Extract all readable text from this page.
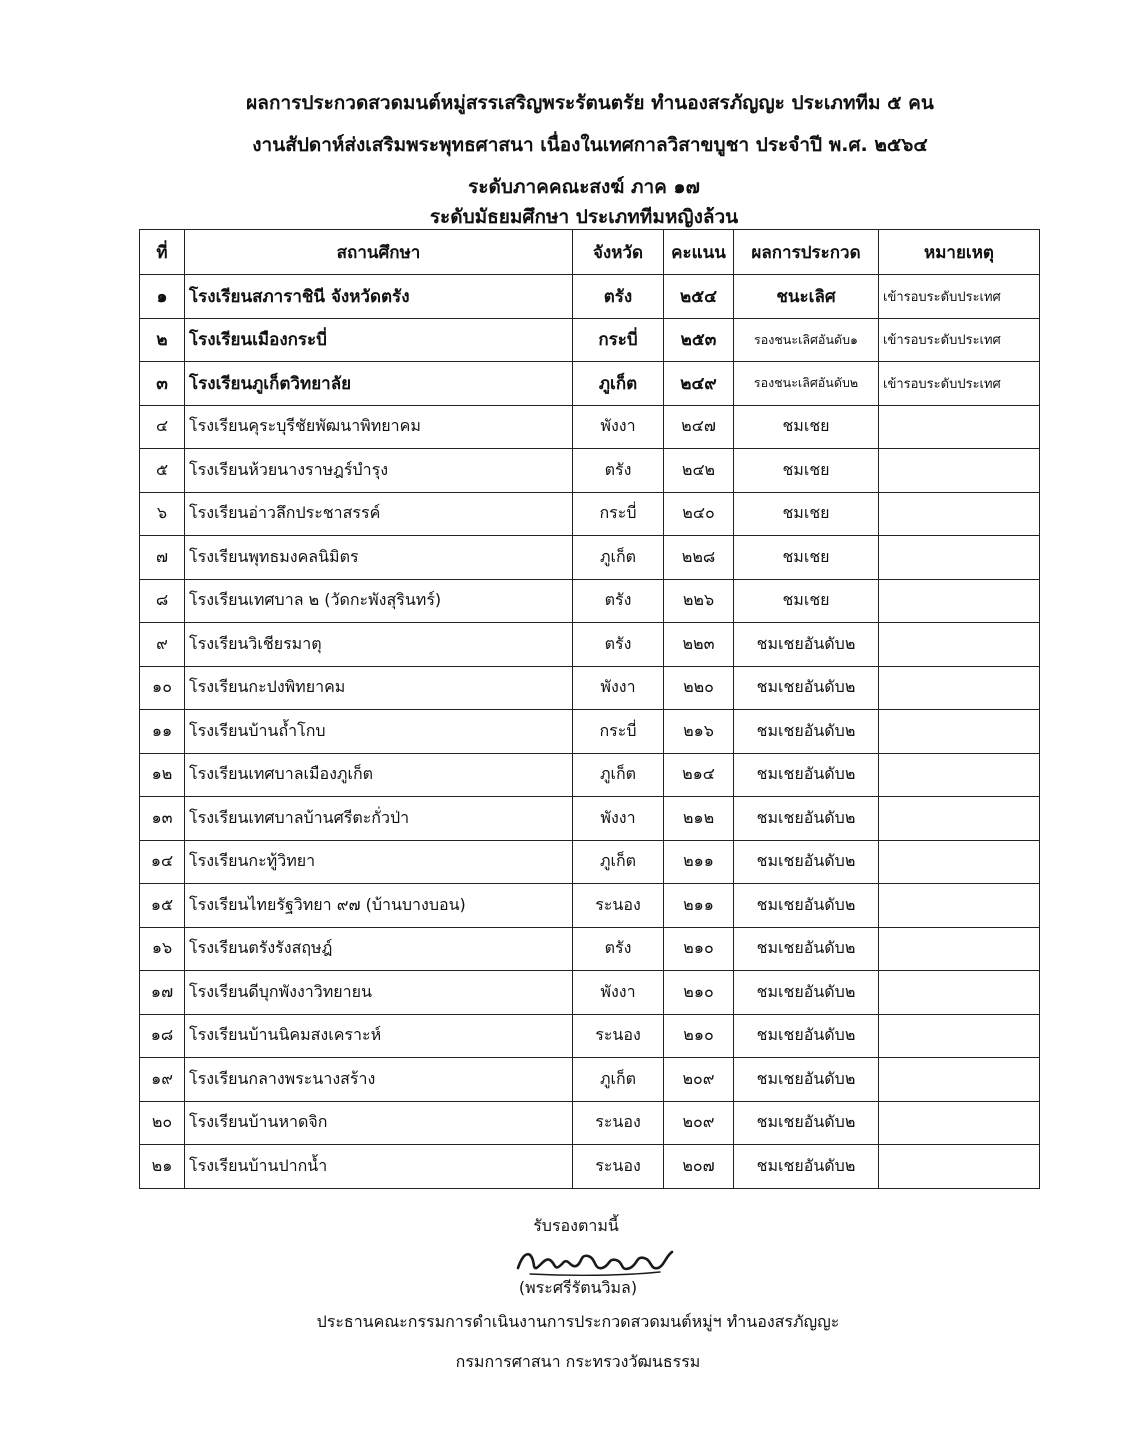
ผลการประกวดสวดมนต์หมู่สรรเสริญพระรัตนตรัย ทำนองสรภัญญะ ประเภททีม ๕ คน
งานสัปดาห์ส่งเสริมพระพุทธศาสนา เนื่องในเทศกาลวิสาขบูชา ประจำปี พ.ศ. ๒๕๖๔
ระดับภาคคณะสงฆ์ ภาค ๑๗
ระดับมัธยมศึกษา ประเภททีมหญิงล้วน
ที่	สถานศึกษา	จังหวัด	คะแนน	ผลการประกวด	หมายเหตุ
๑	โรงเรียนสภาราชินี จังหวัดตรัง	ตรัง	๒๕๔	ชนะเลิศ	เข้ารอบระดับประเทศ
๒	โรงเรียนเมืองกระบี่	กระบี่	๒๕๓	รองชนะเลิศอันดับ๑	เข้ารอบระดับประเทศ
๓	โรงเรียนภูเก็ตวิทยาลัย	ภูเก็ต	๒๔๙	รองชนะเลิศอันดับ๒	เข้ารอบระดับประเทศ
๔	โรงเรียนคุระบุรีชัยพัฒนาพิทยาคม	พังงา	๒๔๗	ชมเชย	
๕	โรงเรียนห้วยนางราษฎร์บำรุง	ตรัง	๒๔๒	ชมเชย	
๖	โรงเรียนอ่าวลึกประชาสรรค์	กระบี่	๒๔๐	ชมเชย	
๗	โรงเรียนพุทธมงคลนิมิตร	ภูเก็ต	๒๒๘	ชมเชย	
๘	โรงเรียนเทศบาล ๒ (วัดกะพังสุรินทร์)	ตรัง	๒๒๖	ชมเชย	
๙	โรงเรียนวิเชียรมาตุ	ตรัง	๒๒๓	ชมเชยอันดับ๒	
๑๐	โรงเรียนกะปงพิทยาคม	พังงา	๒๒๐	ชมเชยอันดับ๒	
๑๑	โรงเรียนบ้านถ้ำโกบ	กระบี่	๒๑๖	ชมเชยอันดับ๒	
๑๒	โรงเรียนเทศบาลเมืองภูเก็ต	ภูเก็ต	๒๑๔	ชมเชยอันดับ๒	
๑๓	โรงเรียนเทศบาลบ้านศรีตะกั่วป่า	พังงา	๒๑๒	ชมเชยอันดับ๒	
๑๔	โรงเรียนกะทู้วิทยา	ภูเก็ต	๒๑๑	ชมเชยอันดับ๒	
๑๕	โรงเรียนไทยรัฐวิทยา ๙๗ (บ้านบางบอน)	ระนอง	๒๑๑	ชมเชยอันดับ๒	
๑๖	โรงเรียนตรังรังสฤษฎ์	ตรัง	๒๑๐	ชมเชยอันดับ๒	
๑๗	โรงเรียนดีบุกพังงาวิทยายน	พังงา	๒๑๐	ชมเชยอันดับ๒	
๑๘	โรงเรียนบ้านนิคมสงเคราะห์	ระนอง	๒๑๐	ชมเชยอันดับ๒	
๑๙	โรงเรียนกลางพระนางสร้าง	ภูเก็ต	๒๐๙	ชมเชยอันดับ๒	
๒๐	โรงเรียนบ้านหาดจิก	ระนอง	๒๐๙	ชมเชยอันดับ๒	
๒๑	โรงเรียนบ้านปากน้ำ	ระนอง	๒๐๗	ชมเชยอันดับ๒	
รับรองตามนี้
(พระศรีรัตนวิมล)
ประธานคณะกรรมการดำเนินงานการประกวดสวดมนต์หมู่ฯ ทำนองสรภัญญะ
กรมการศาสนา กระทรวงวัฒนธรรม
